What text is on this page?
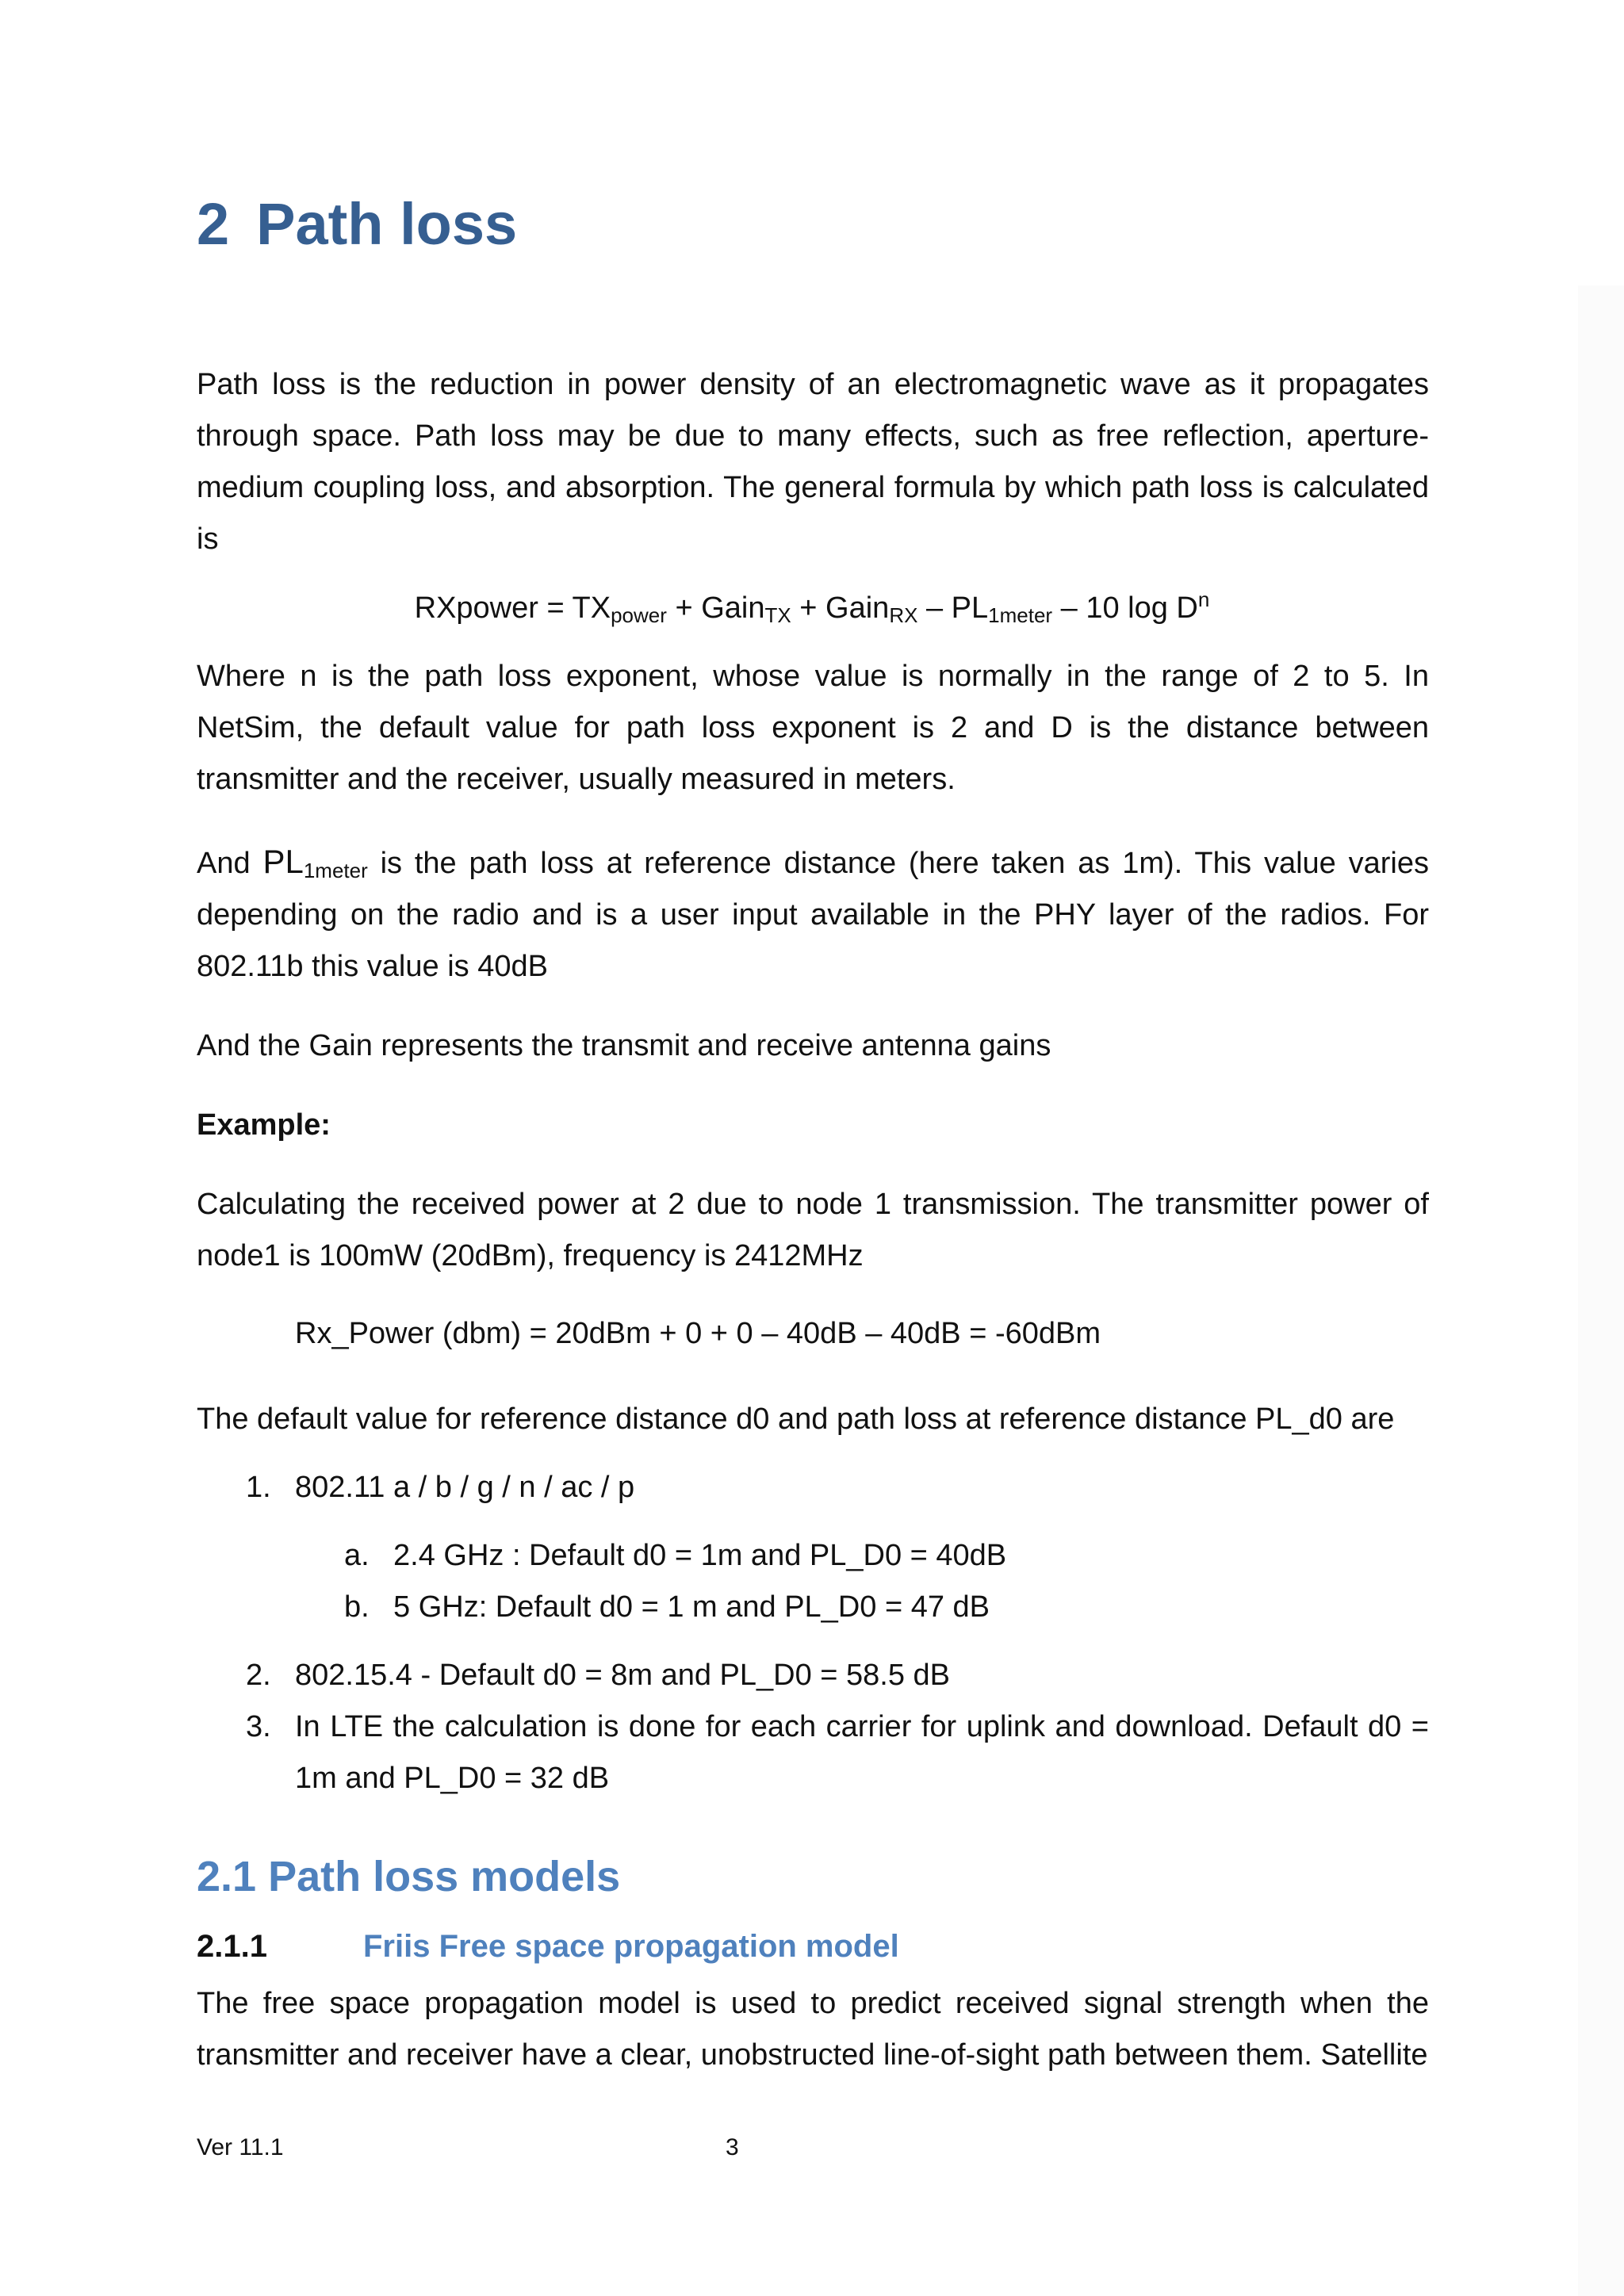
2 Path loss
Path loss is the reduction in power density of an electromagnetic wave as it propagates through space. Path loss may be due to many effects, such as free reflection, aperture-medium coupling loss, and absorption. The general formula by which path loss is calculated is
RXpower = $TX_{power}$ + Gain$_{TX}$ + Gain$_{RX}$ – $PL_{1meter} - 10$ $\log D^n$
Where n is the path loss exponent, whose value is normally in the range of 2 to 5. In NetSim, the default value for path loss exponent is 2 and D is the distance between transmitter and the receiver, usually measured in meters.
And $PL_{1meter}$ is the path loss at reference distance (here taken as 1m). This value varies depending on the radio and is a user input available in the PHY layer of the radios. For 802.11b this value is 40dB
And the Gain represents the transmit and receive antenna gains
Example:
Calculating the received power at 2 due to node 1 transmission. The transmitter power of node1 is 100mW (20dBm), frequency is 2412MHz
Rx_Power (dbm) = 20dBm + 0 + 0 – 40dB – 40dB = -60dBm
The default value for reference distance d0 and path loss at reference distance PL_d0 are
1. 802.11 a / b / g / n / ac / p
a. 2.4 GHz : Default d0 = 1m and PL_D0 = 40dB
b. 5 GHz: Default d0 = 1 m and PL_D0 = 47 dB
2. 802.15.4 - Default d0 = 8m and PL_D0 = 58.5 dB
3. In LTE the calculation is done for each carrier for uplink and download. Default d0 = 1m and PL_D0 = 32 dB
2.1 Path loss models
2.1.1	Friis Free space propagation model
The free space propagation model is used to predict received signal strength when the transmitter and receiver have a clear, unobstructed line-of-sight path between them. Satellite
Ver 11.1	3
